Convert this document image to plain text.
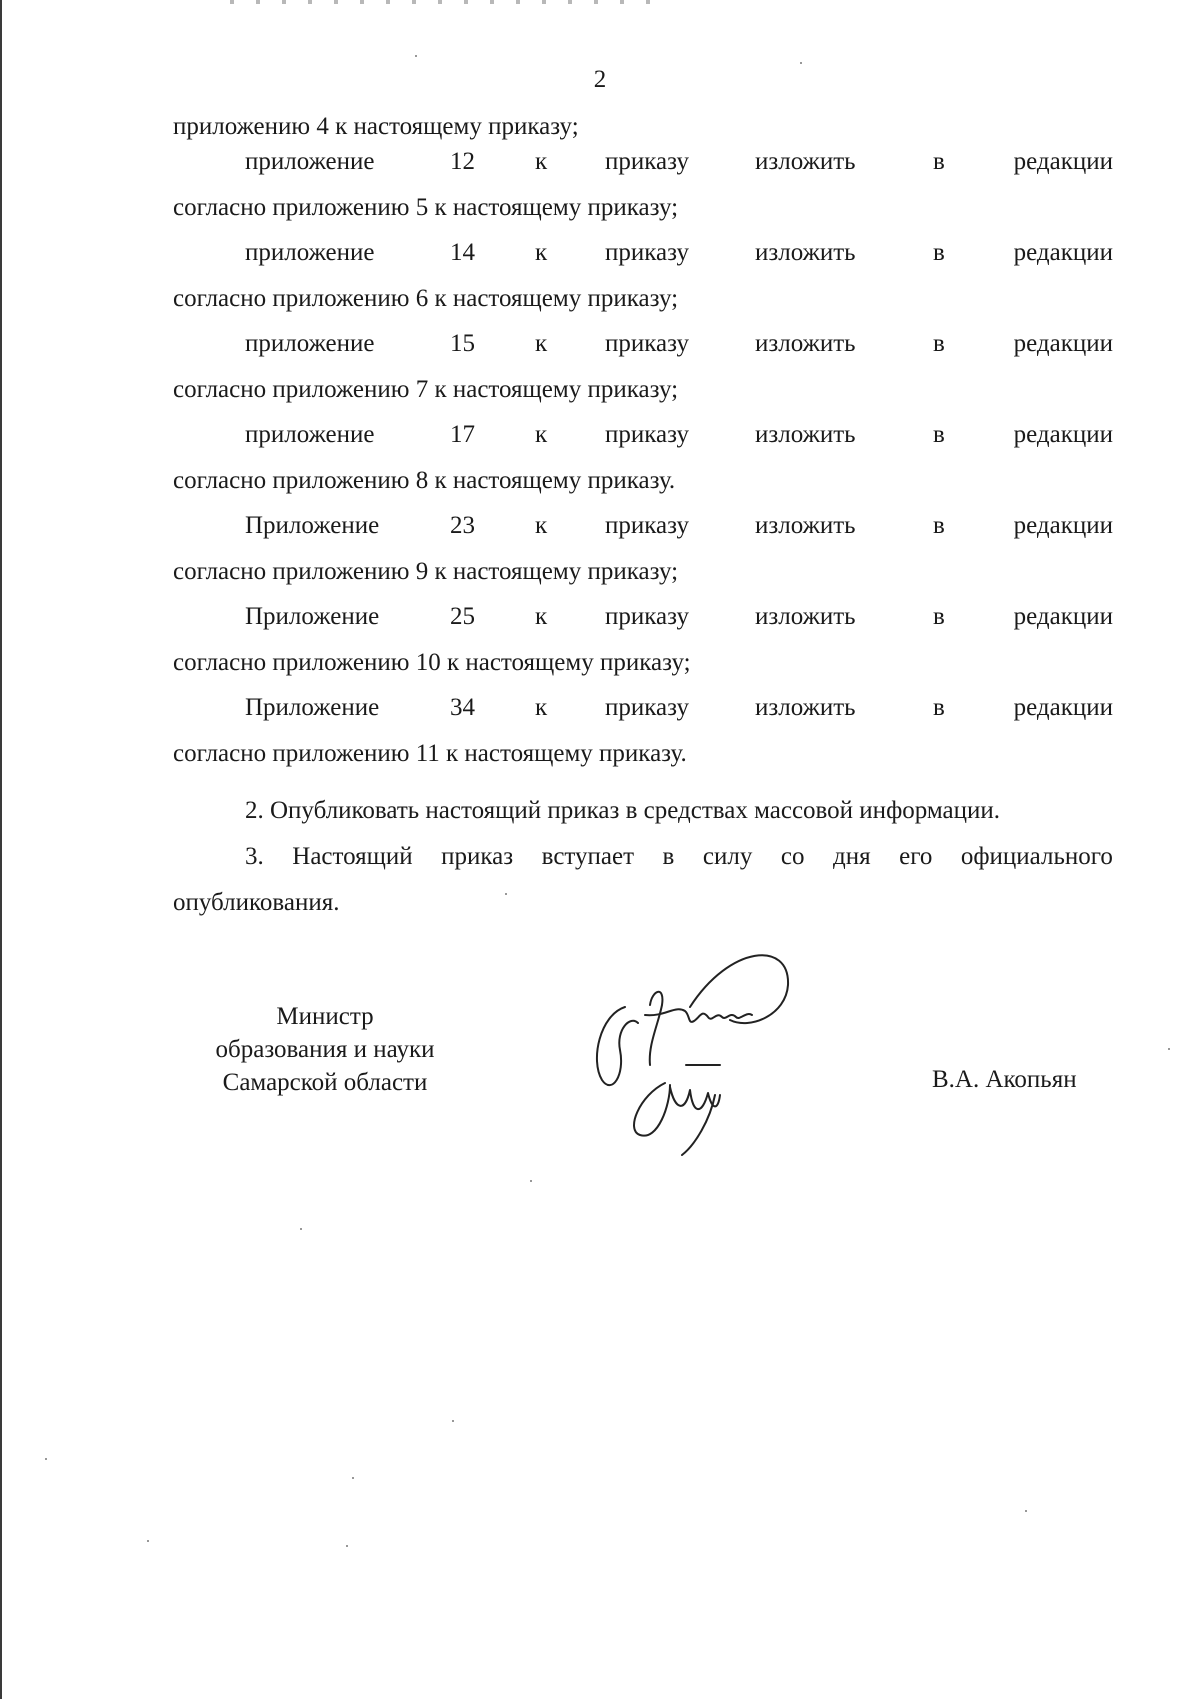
2
приложению 4 к настоящему приказу;
приложение	12 к приказу	изложить	в	редакции
согласно приложению 5 к настоящему приказу;
приложение	14 к приказу	изложить	в	редакции
согласно приложению 6 к настоящему приказу;
приложение	15 к приказу	изложить	в	редакции
согласно приложению 7 к настоящему приказу;
приложение	17 к приказу	изложить	в	редакции
согласно приложению 8 к настоящему приказу.
Приложение	23 к приказу	изложить	в	редакции
согласно приложению 9 к настоящему приказу;
Приложение	25 к приказу	изложить	в	редакции
согласно приложению 10 к настоящему приказу;
Приложение	34 к приказу	изложить	в	редакции
согласно приложению 11 к настоящему приказу.
2. Опубликовать настоящий приказ в средствах массовой информации.
3. Настоящий приказ вступает в силу со дня его официального
опубликования.
Министр
образования и науки
Самарской области	В.А. Акопьян
